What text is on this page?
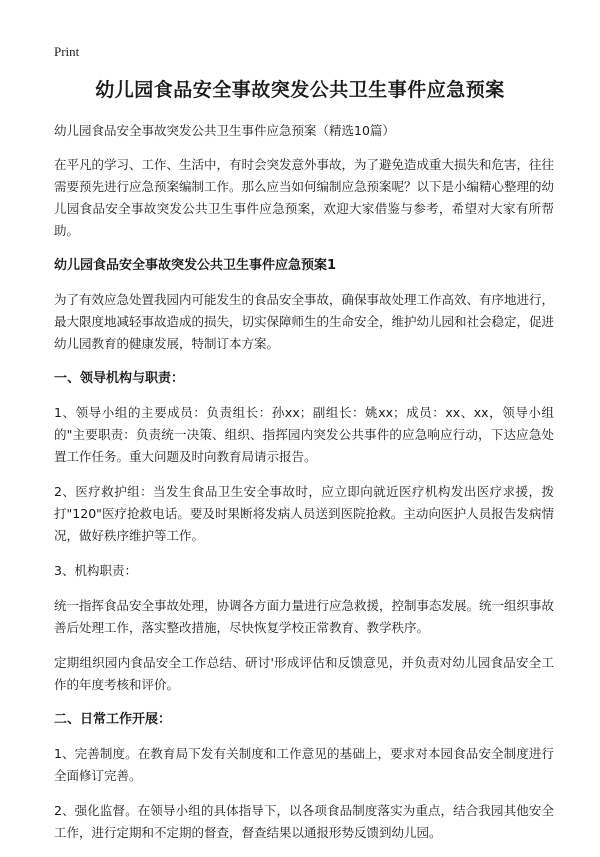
Print
幼儿园食品安全事故突发公共卫生事件应急预案

幼儿园食品安全事故突发公共卫生事件应急预案（精选10篇）

在平凡的学习、工作、生活中，有时会突发意外事故，为了避免造成重大损失和危害，往往需要预先进行应急预案编制工作。那么应当如何编制应急预案呢？以下是小编精心整理的幼儿园食品安全事故突发公共卫生事件应急预案，欢迎大家借鉴与参考，希望对大家有所帮助。

幼儿园食品安全事故突发公共卫生事件应急预案1

为了有效应急处置我园内可能发生的食品安全事故，确保事故处理工作高效、有序地进行，最大限度地减轻事故造成的损失，切实保障师生的生命安全，维护幼儿园和社会稳定，促进幼儿园教育的健康发展，特制订本方案。

一、领导机构与职责：

1、领导小组的主要成员：负责组长：孙xx；副组长：姚xx；成员：xx、xx，领导小组的"主要职责：负责统一决策、组织、指挥园内突发公共事件的应急响应行动，下达应急处置工作任务。重大问题及时向教育局请示报告。

2、医疗救护组：当发生食品卫生安全事故时，应立即向就近医疗机构发出医疗求援，拨打"120"医疗抢救电话。要及时果断将发病人员送到医院抢救。主动向医护人员报告发病情况，做好秩序维护等工作。

3、机构职责：

统一指挥食品安全事故处理，协调各方面力量进行应急救援，控制事态发展。统一组织事故善后处理工作，落实整改措施，尽快恢复学校正常教育、教学秩序。

定期组织园内食品安全工作总结、研讨'形成评估和反馈意见，并负责对幼儿园食品安全工作的年度考核和评价。

二、日常工作开展：

1、完善制度。在教育局下发有关制度和工作意见的基础上，要求对本园食品安全制度进行全面修订完善。

2、强化监督。在领导小组的具体指导下，以各项食品制度落实为重点，结合我园其他安全工作，进行定期和不定期的督查，督查结果以通报形势反馈到幼儿园。
